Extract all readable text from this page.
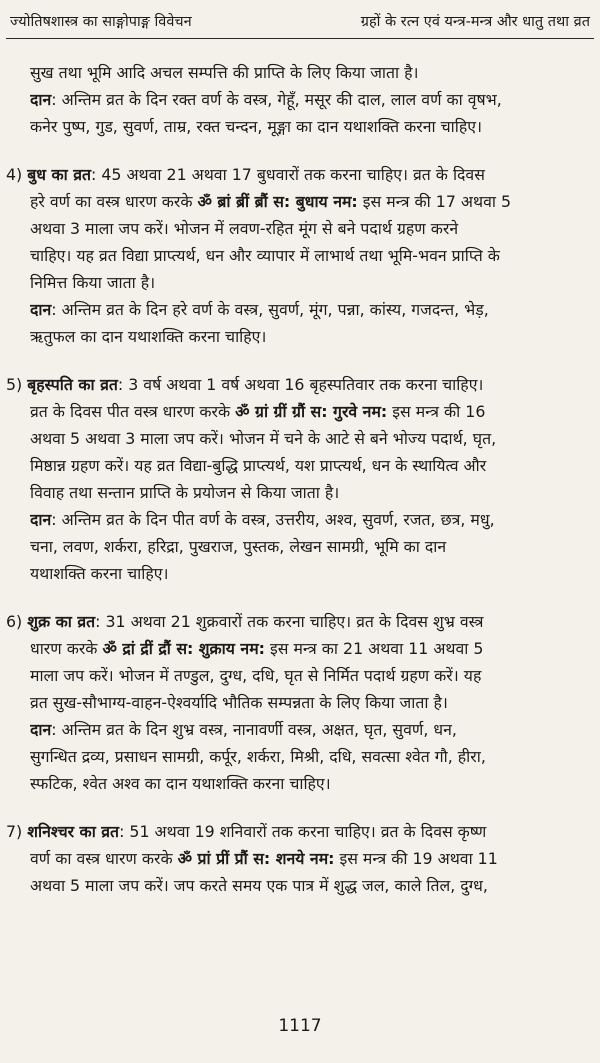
ज्योतिषशास्त्र का साङ्गोपाङ्ग विवेचन	ग्रहों के रत्न एवं यन्त्र-मन्त्र और धातु तथा व्रत
सुख तथा भूमि आदि अचल सम्पत्ति की प्राप्ति के लिए किया जाता है।
दान: अन्तिम व्रत के दिन रक्त वर्ण के वस्त्र, गेहूँ, मसूर की दाल, लाल वर्ण का वृषभ,
कनेर पुष्प, गुड, सुवर्ण, ताम्र, रक्त चन्दन, मूङ्गा का दान यथाशक्ति करना चाहिए।
4) बुध का व्रत: 45 अथवा 21 अथवा 17 बुधवारों तक करना चाहिए। व्रत के दिवस
हरे वर्ण का वस्त्र धारण करके ॐ ब्रां ब्रीं ब्रौं स: बुधाय नम: इस मन्त्र की 17 अथवा 5
अथवा 3 माला जप करें। भोजन में लवण-रहित मूंग से बने पदार्थ ग्रहण करने
चाहिए। यह व्रत विद्या प्राप्त्यर्थ, धन और व्यापार में लाभार्थ तथा भूमि-भवन प्राप्ति के
निमित्त किया जाता है।
दान: अन्तिम व्रत के दिन हरे वर्ण के वस्त्र, सुवर्ण, मूंग, पन्ना, कांस्य, गजदन्त, भेड़,
ऋतुफल का दान यथाशक्ति करना चाहिए।
5) बृहस्पति का व्रत: 3 वर्ष अथवा 1 वर्ष अथवा 16 बृहस्पतिवार तक करना चाहिए।
व्रत के दिवस पीत वस्त्र धारण करके ॐ ग्रां ग्रीं ग्रौं स: गुरवे नम: इस मन्त्र की 16
अथवा 5 अथवा 3 माला जप करें। भोजन में चने के आटे से बने भोज्य पदार्थ, घृत,
मिष्ठान्न ग्रहण करें। यह व्रत विद्या-बुद्धि प्राप्त्यर्थ, यश प्राप्त्यर्थ, धन के स्थायित्व और
विवाह तथा सन्तान प्राप्ति के प्रयोजन से किया जाता है।
दान: अन्तिम व्रत के दिन पीत वर्ण के वस्त्र, उत्तरीय, अश्व, सुवर्ण, रजत, छत्र, मधु,
चना, लवण, शर्करा, हरिद्रा, पुखराज, पुस्तक, लेखन सामग्री, भूमि का दान
यथाशक्ति करना चाहिए।
6) शुक्र का व्रत: 31 अथवा 21 शुक्रवारों तक करना चाहिए। व्रत के दिवस शुभ्र वस्त्र
धारण करके ॐ द्रां द्रीं द्रौं स: शुक्राय नम: इस मन्त्र का 21 अथवा 11 अथवा 5
माला जप करें। भोजन में तण्डुल, दुग्ध, दधि, घृत से निर्मित पदार्थ ग्रहण करें। यह
व्रत सुख-सौभाग्य-वाहन-ऐश्वर्यादि भौतिक सम्पन्नता के लिए किया जाता है।
दान: अन्तिम व्रत के दिन शुभ्र वस्त्र, नानावर्णी वस्त्र, अक्षत, घृत, सुवर्ण, धन,
सुगन्धित द्रव्य, प्रसाधन सामग्री, कर्पूर, शर्करा, मिश्री, दधि, सवत्सा श्वेत गौ, हीरा,
स्फटिक, श्वेत अश्व का दान यथाशक्ति करना चाहिए।
7) शनिश्चर का व्रत: 51 अथवा 19 शनिवारों तक करना चाहिए। व्रत के दिवस कृष्ण
वर्ण का वस्त्र धारण करके ॐ प्रां प्रीं प्रौं स: शनये नम: इस मन्त्र की 19 अथवा 11
अथवा 5 माला जप करें। जप करते समय एक पात्र में शुद्ध जल, काले तिल, दुग्ध,
1117
